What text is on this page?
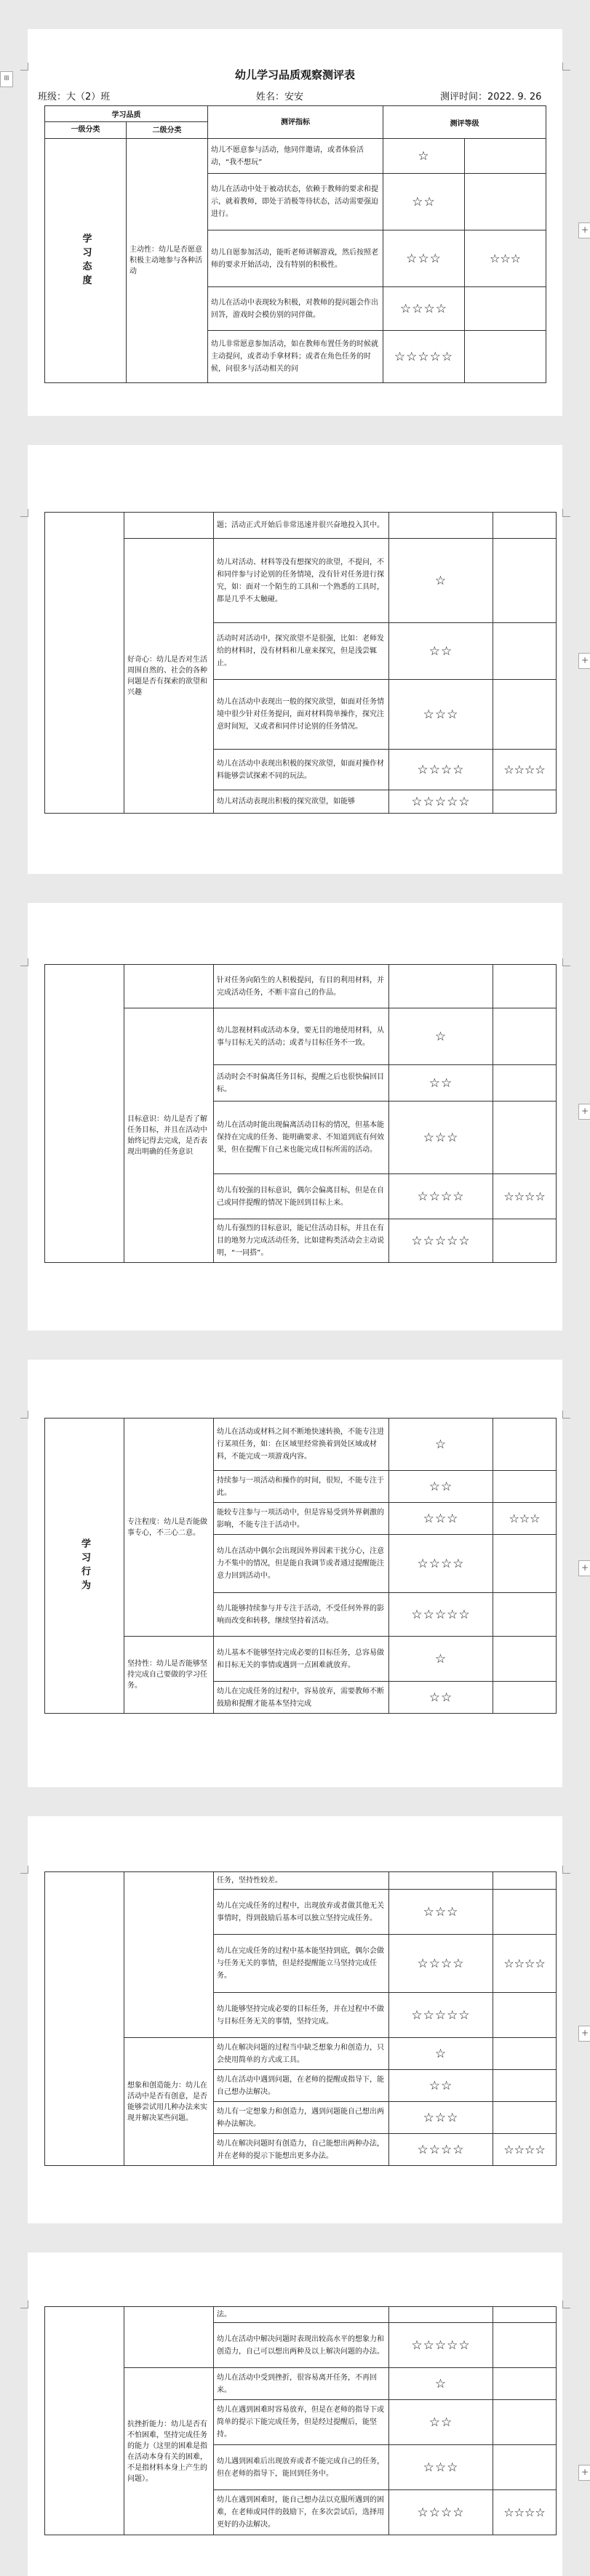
幼儿学习品质观察测评表
班级：大（2）班	姓名：安安	测评时间：2022. 9. 26
⊞
+
学习品质		测评指标	测评等级	
一级分类	二级分类			

学习态度	主动性：幼儿是否愿意积极主动地参与各种活动	幼儿不愿意参与活动，他同伴邀请，或者体验活动，“我不想玩”	☆	
		幼儿在活动中处于被动状态，依赖于教师的要求和提示，就着教师，即处于消极等待状态，活动需要强迫进行。	☆☆	
		幼儿自愿参加活动，能听老师讲解游戏，然后按照老师的要求开始活动，没有特别的积极性。	☆☆☆	☆☆☆
		幼儿在活动中表现较为积极，对教师的提问题会作出回答，游戏时会模仿别的同伴做。	☆☆☆☆	
		幼儿非常愿意参加活动，如在教师布置任务的时候就主动提问，或者动手拿材料；或者在角色任务的时候，问很多与活动相关的问	☆☆☆☆☆	
+
		题；活动正式开始后非常迅速并很兴奋地投入其中。		
	好奇心：幼儿是否对生活周围自然的、社会的各种问题是否有探索的欲望和兴趣	幼儿对活动、材料等没有想探究的欲望，不提问，不和同伴参与讨论别的任务情境，没有针对任务进行探究，如：面对一个陌生的工具和一个熟悉的工具时，都是几乎不太触碰。	☆	
		活动时对活动中，探究欲望不是很强，比如：老师发给的材料时，没有材料和儿童来探究，但是浅尝辄止。	☆☆	
		幼儿在活动中表现出一般的探究欲望，如面对任务情境中很少针对任务提问，面对材料简单操作，探究注意时间短，又或者和同伴讨论别的任务情况。	☆☆☆	
		幼儿在活动中表现出积极的探究欲望，如面对操作材料能够尝试探索不同的玩法。	☆☆☆☆	☆☆☆☆
		幼儿对活动表现出积极的探究欲望，如能够	☆☆☆☆☆	
+
		针对任务向陌生的人积极提问，有目的利用材料，并完成活动任务，不断丰富自己的作品。		
	目标意识：幼儿是否了解任务目标，并且在活动中始终记得去完成，是否表现出明确的任务意识	幼儿忽视材料或活动本身，要无目的地使用材料，从事与目标无关的活动；或者与目标任务不一致。	☆	
		活动时会不时偏离任务目标，提醒之后也很快偏回目标。	☆☆	
		幼儿在活动时能出现偏离活动目标的情况，但基本能保持在完成的任务、能明确要求、不知道到底有何效果，但在提醒下自己来也能完成目标所需的活动。	☆☆☆	
		幼儿有较强的目标意识，偶尔会偏离目标，但是在自己或同伴提醒的情况下能回到目标上来。	☆☆☆☆	☆☆☆☆
		幼儿有强烈的目标意识，能记住活动目标，并且在有目的地努力完成活动任务，比如建构类活动会主动说明，“一同搭”。	☆☆☆☆☆	
+
学习行为	专注程度：幼儿是否能做事专心，不三心二意。	幼儿在活动或材料之间不断地快速转换，不能专注进行某项任务，如：在区域里经常换着到处区域或材料，不能完成一项游戏内容。	☆	
		持续参与一项活动和操作的时间，很短，不能专注于此。	☆☆	
		能较专注参与一项活动中，但是容易受到外界刺激的影响，不能专注于活动中。	☆☆☆	☆☆☆
		幼儿在活动中偶尔会出现因外界因素干扰分心，注意力不集中的情况，但是能自我调节或者通过提醒能注意力回到活动中。	☆☆☆☆	
		幼儿能够持续参与并专注于活动，不受任何外界的影响而改变和转移，继续坚持着活动。	☆☆☆☆☆	
	坚持性：幼儿是否能够坚持完成自己要做的学习任务。	幼儿基本不能够坚持完成必要的目标任务，总容易做和目标无关的事情或遇到一点困难就放弃。	☆	
		幼儿在完成任务的过程中，容易放弃，需要教师不断鼓励和提醒才能基本坚持完成	☆☆	
+
		任务，坚持性较差。		
		幼儿在完成任务的过程中，出现放弃或者做其他无关事情时，得到鼓励后基本可以独立坚持完成任务。	☆☆☆	
		幼儿在完成任务的过程中基本能坚持到底，偶尔会做与任务无关的事情，但是经提醒能立马坚持完成任务。	☆☆☆☆	☆☆☆☆
		幼儿能够坚持完成必要的目标任务，并在过程中不做与目标任务无关的事情，坚持完成。	☆☆☆☆☆	
	想象和创造能力：幼儿在活动中是否有创意，是否能够尝试用几种办法来实现并解决某些问题。	幼儿在解决问题的过程当中缺乏想象力和创造力，只会使用简单的方式或工具。	☆	
		幼儿在活动中遇到问题，在老师的提醒或指导下，能自己想办法解决。	☆☆	
		幼儿有一定想象力和创造力，遇到问题能自己想出两种办法解决。	☆☆☆	
		幼儿在解决问题时有创造力，自己能想出两种办法，并在老师的提示下能想出更多办法。	☆☆☆☆	☆☆☆☆
+
		法。		
		幼儿在活动中解决问题时表现出较高水平的想象力和创造力，自己可以想出两种及以上解决问题的办法。	☆☆☆☆☆	
	抗挫折能力：幼儿是否有不怕困难，坚持完成任务的能力（这里的困难是指在活动本身有关的困难，不是指材料本身上产生的问题）。	幼儿在活动中受到挫折，很容易离开任务，不再回来。	☆	
		幼儿在遇到困难时容易放弃，但是在老师的指导下或简单的提示下能完成任务，但是经过提醒后，能坚持。	☆☆	
		幼儿遇到困难后出现放弃或者不能完成自己的任务，但在老师的指导下，能回到任务中。	☆☆☆	
		幼儿在遇到困难时，能自己想办法以克服所遇到的困难，在老师或同伴的鼓励下，在多次尝试后，选择用更好的办法解决。	☆☆☆☆	☆☆☆☆
